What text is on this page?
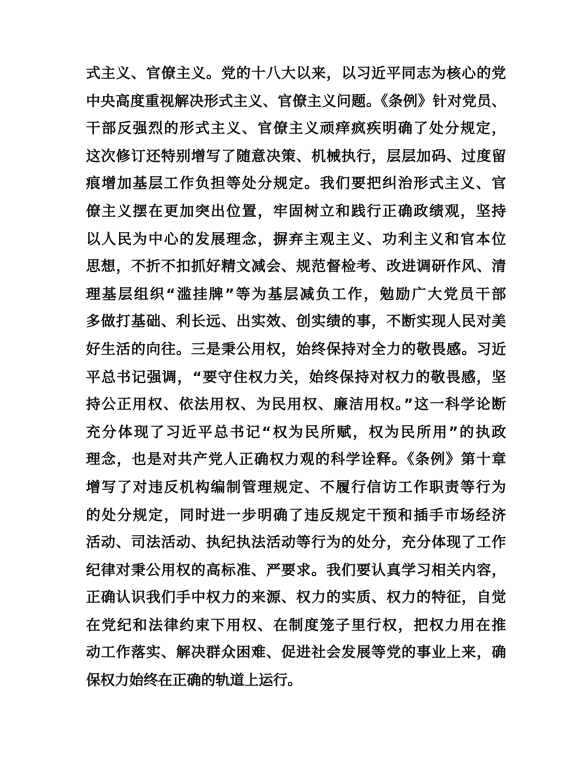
式主义、官僚主义。党的十八大以来，以习近平同志为核心的党
中央高度重视解决形式主义、官僚主义问题。《条例》针对党员、
干部反强烈的形式主义、官僚主义顽痒疯疾明确了处分规定，
这次修订还特别增写了随意决策、机械执行，层层加码、过度留
痕增加基层工作负担等处分规定。我们要把纠治形式主义、官
僚主义摆在更加突出位置，牢固树立和践行正确政绩观，坚持
以人民为中心的发展理念，摒弃主观主义、功利主义和官本位
思想，不折不扣抓好精文减会、规范督检考、改进调研作风、清
理基层组织“滥挂牌”等为基层减负工作，勉励广大党员干部
多做打基础、利长远、出实效、创实绩的事，不断实现人民对美
好生活的向往。三是秉公用权，始终保持对全力的敬畏感。习近
平总书记强调，“要守住权力关，始终保持对权力的敬畏感，坚
持公正用权、依法用权、为民用权、廉洁用权。”这一科学论断
充分体现了习近平总书记“权为民所赋，权为民所用”的执政
理念，也是对共产党人正确权力观的科学诠释。《条例》第十章
增写了对违反机构编制管理规定、不履行信访工作职责等行为
的处分规定，同时进一步明确了违反规定干预和插手市场经济
活动、司法活动、执纪执法活动等行为的处分，充分体现了工作
纪律对秉公用权的高标准、严要求。我们要认真学习相关内容，
正确认识我们手中权力的来源、权力的实质、权力的特征，自觉
在党纪和法律约束下用权、在制度笼子里行权，把权力用在推
动工作落实、解决群众困难、促进社会发展等党的事业上来，确
保权力始终在正确的轨道上运行。
